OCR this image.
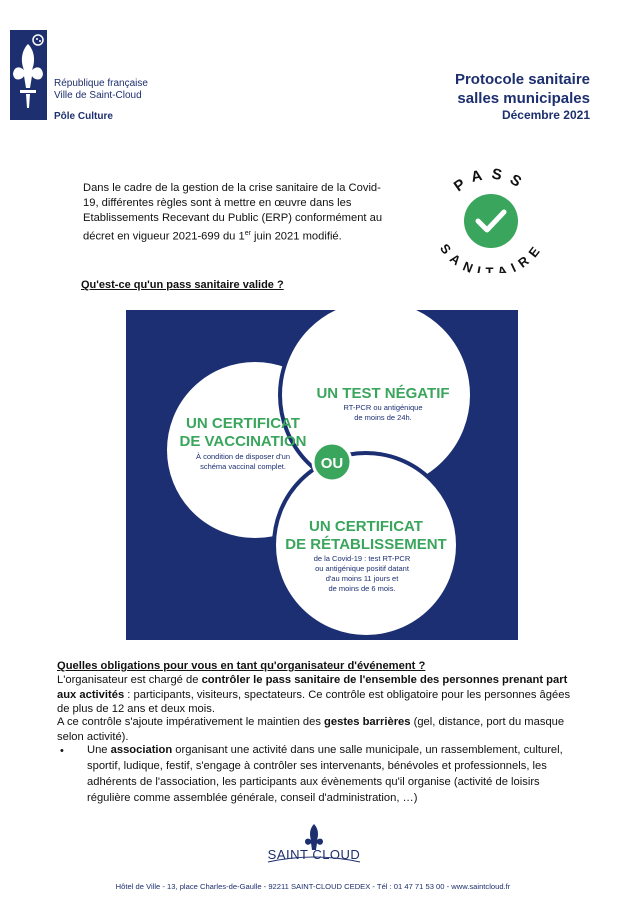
République française
Ville de Saint-Cloud
Pôle Culture
Protocole sanitaire
salles municipales
Décembre 2021
Dans le cadre de la gestion de la crise sanitaire de la Covid-19, différentes règles sont à mettre en œuvre dans les Etablissements Recevant du Public (ERP) conformément au décret en vigueur 2021-699 du 1er juin 2021 modifié.
PASS
SANITAIRE
Qu'est-ce qu'un pass sanitaire valide ?
UN CERTIFICAT
DE VACCINATION
À condition de disposer d'un
schéma vaccinal complet.
UN TEST NÉGATIF
RT-PCR ou antigénique
de moins de 24h.
UN CERTIFICAT
DE RÉTABLISSEMENT
de la Covid-19 : test RT-PCR
ou antigénique positif datant
d'au moins 11 jours et
de moins de 6 mois.
OU
Quelles obligations pour vous en tant qu'organisateur d'événement ?
L'organisateur est chargé de contrôler le pass sanitaire de l'ensemble des personnes prenant part aux activités : participants, visiteurs, spectateurs. Ce contrôle est obligatoire pour les personnes âgées de plus de 12 ans et deux mois.
A ce contrôle s'ajoute impérativement le maintien des gestes barrières (gel, distance, port du masque selon activité).
• Une association organisant une activité dans une salle municipale, un rassemblement, culturel, sportif, ludique, festif, s'engage à contrôler ses intervenants, bénévoles et professionnels, les adhérents de l'association, les participants aux évènements qu'il organise (activité de loisirs régulière comme assemblée générale, conseil d'administration, …)
SAINT CLOUD
Hôtel de Ville - 13, place Charles-de-Gaulle - 92211 SAINT-CLOUD CEDEX - Tél : 01 47 71 53 00 - www.saintcloud.fr
